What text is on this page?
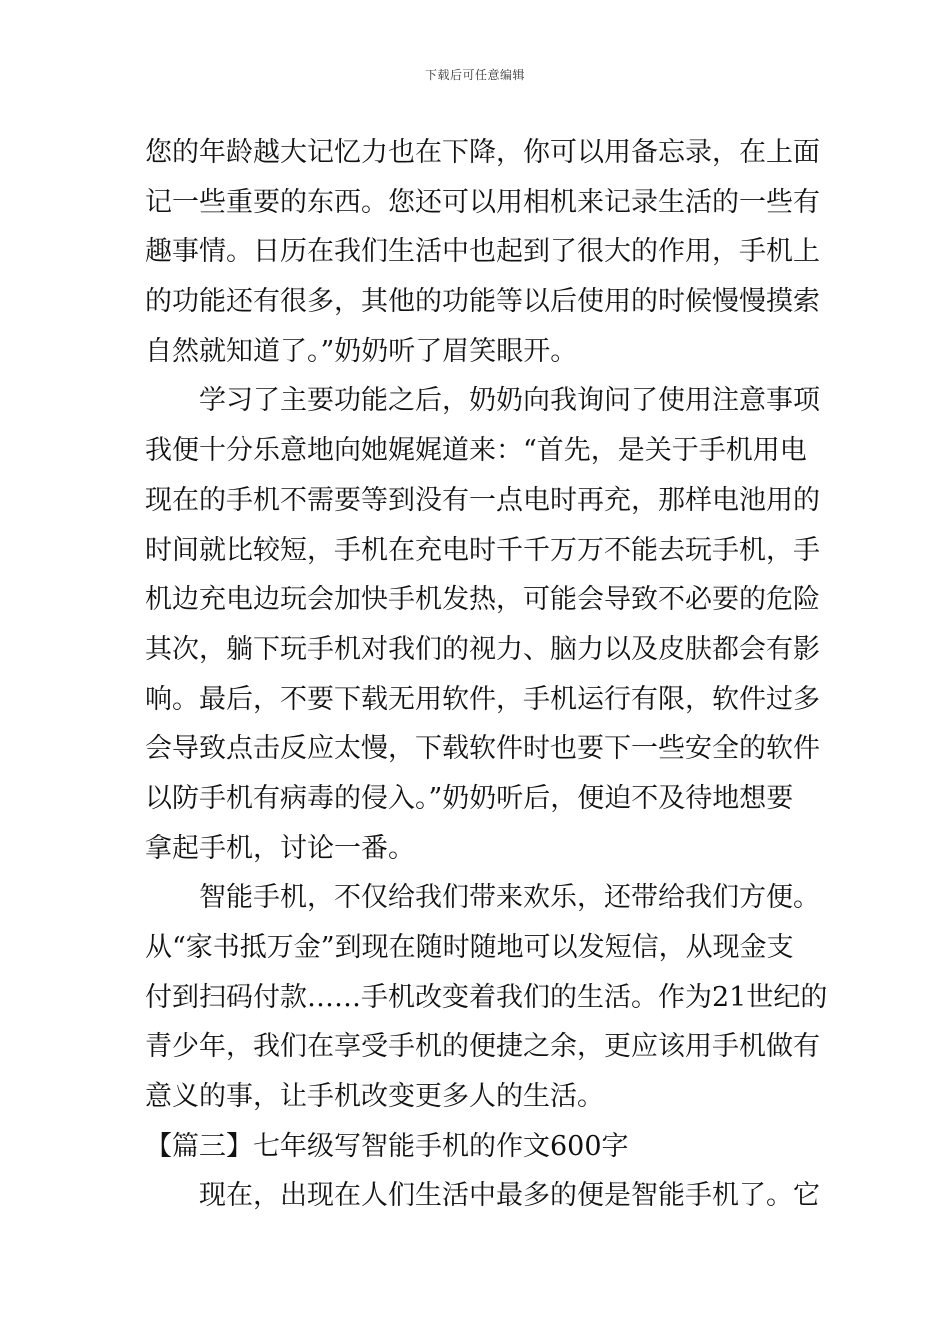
下载后可任意编辑
您的年龄越大记忆力也在下降，你可以用备忘录，在上面
记一些重要的东西。您还可以用相机来记录生活的一些有
趣事情。日历在我们生活中也起到了很大的作用，手机上
的功能还有很多，其他的功能等以后使用的时候慢慢摸索
自然就知道了。”奶奶听了眉笑眼开。
　　学习了主要功能之后，奶奶向我询问了使用注意事项
我便十分乐意地向她娓娓道来：“首先，是关于手机用电
现在的手机不需要等到没有一点电时再充，那样电池用的
时间就比较短，手机在充电时千千万万不能去玩手机，手
机边充电边玩会加快手机发热，可能会导致不必要的危险
其次，躺下玩手机对我们的视力、脑力以及皮肤都会有影
响。最后，不要下载无用软件，手机运行有限，软件过多
会导致点击反应太慢，下载软件时也要下一些安全的软件
以防手机有病毒的侵入。”奶奶听后，便迫不及待地想要
拿起手机，讨论一番。
　　智能手机，不仅给我们带来欢乐，还带给我们方便。
从“家书抵万金”到现在随时随地可以发短信，从现金支
付到扫码付款……手机改变着我们的生活。作为21世纪的
青少年，我们在享受手机的便捷之余，更应该用手机做有
意义的事，让手机改变更多人的生活。
【篇三】七年级写智能手机的作文600字
　　现在，出现在人们生活中最多的便是智能手机了。它
